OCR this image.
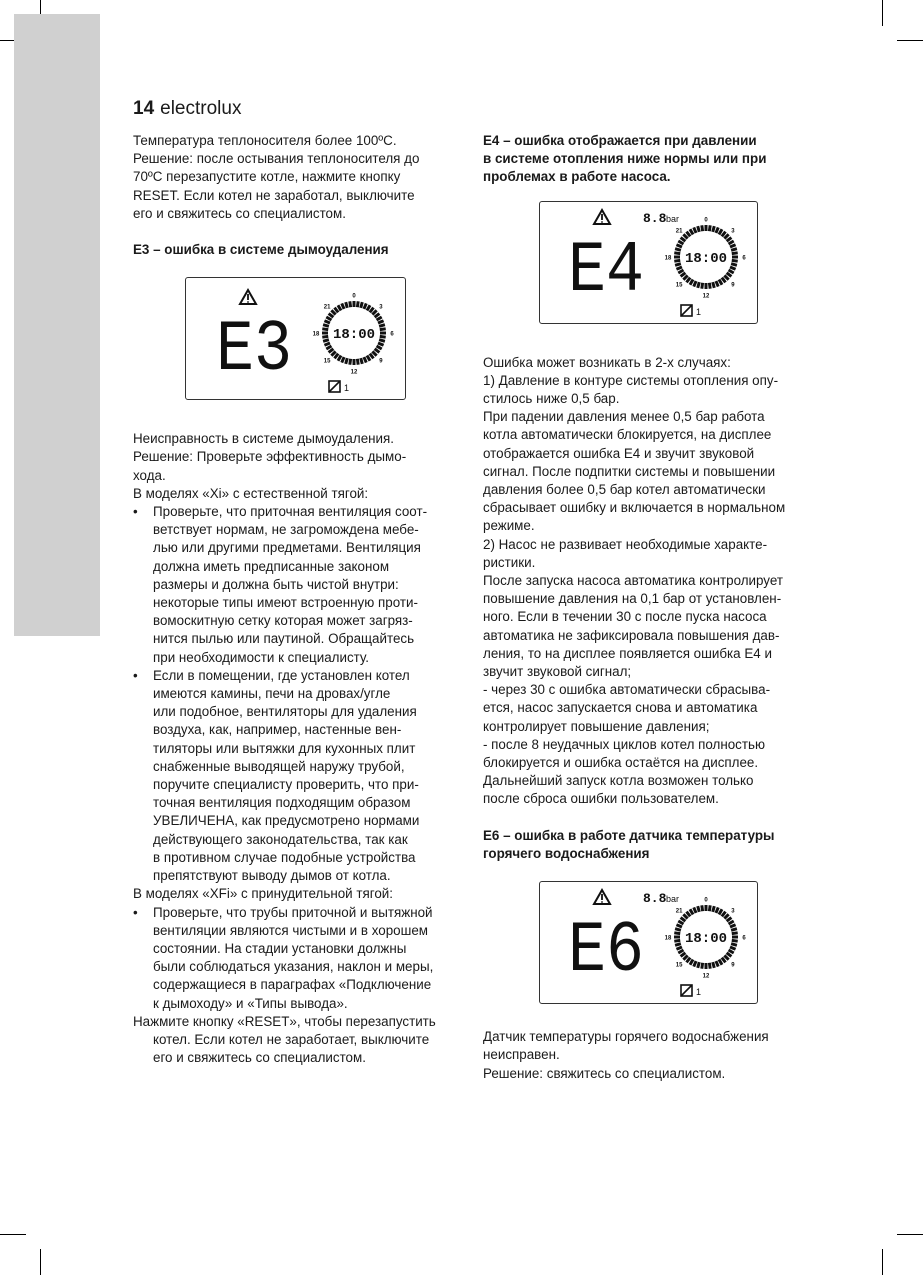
14 electrolux

Температура теплоносителя более 100ºС.
Решение: после остывания теплоносителя до
70ºС перезапустите котле, нажмите кнопку
RESET. Если котел не заработал, выключите
его и свяжитесь со специалистом.

Е3 – ошибка в системе дымоудаления
E3
0
3
6
9
12
15
18
21
18:00
1

Неисправность в системе дымоудаления.
Решение: Проверьте эффективность дымо-
хода.
В моделях «Xi» с естественной тягой:

• Проверьте, что приточная вентиляция соот-
ветствует нормам, не загромождена мебе-
лью или другими предметами. Вентиляция
должна иметь предписанные законом
размеры и должна быть чистой внутри:
некоторые типы имеют встроенную проти-
вомоскитную сетку которая может загряз-
нится пылью или паутиной. Обращайтесь
при необходимости к специалисту.

• Если в помещении, где установлен котел
имеются камины, печи на дровах/угле
или подобное, вентиляторы для удаления
воздуха, как, например, настенные вен-
тиляторы или вытяжки для кухонных плит
снабженные выводящей наружу трубой,
поручите специалисту проверить, что при-
точная вентиляция подходящим образом
УВЕЛИЧЕНА, как предусмотрено нормами
действующего законодательства, так как
в противном случае подобные устройства
препятствуют выводу дымов от котла.

В моделях «XFi» с принудительной тягой:

• Проверьте, что трубы приточной и вытяжной
вентиляции являются чистыми и в хорошем
состоянии. На стадии установки должны
были соблюдаться указания, наклон и меры,
содержащиеся в параграфах «Подключение
к дымоходу» и «Типы вывода».

Нажмите кнопку «RESET», чтобы перезапустить
котел. Если котел не заработает, выключите
его и свяжитесь со специалистом.

Е4 – ошибка отображается при давлении
в системе отопления ниже нормы или при
проблемах в работе насоса.
8.8 bar
E4
0
3
6
9
12
15
18
21
18:00
1

Ошибка может возникать в 2-х случаях:
1) Давление в контуре системы отопления опу-
стилось ниже 0,5 бар.
При падении давления менее 0,5 бар работа
котла автоматически блокируется, на дисплее
отображается ошибка Е4 и звучит звуковой
сигнал. После подпитки системы и повышении
давления более 0,5 бар котел автоматически
сбрасывает ошибку и включается в нормальном
режиме.
2) Насос не развивает необходимые характе-
ристики.
После запуска насоса автоматика контролирует
повышение давления на 0,1 бар от установлен-
ного. Если в течении 30 с после пуска насоса
автоматика не зафиксировала повышения дав-
ления, то на дисплее появляется ошибка Е4 и
звучит звуковой сигнал;
- через 30 с ошибка автоматически сбрасыва-
ется, насос запускается снова и автоматика
контролирует повышение давления;
- после 8 неудачных циклов котел полностью
блокируется и ошибка остаётся на дисплее.
Дальнейший запуск котла возможен только
после сброса ошибки пользователем.

Е6 – ошибка в работе датчика температуры
горячего водоснабжения
8.8 bar
E6
0
3
6
9
12
15
18
21
18:00
1

Датчик температуры горячего водоснабжения
неисправен.
Решение: свяжитесь со специалистом.
